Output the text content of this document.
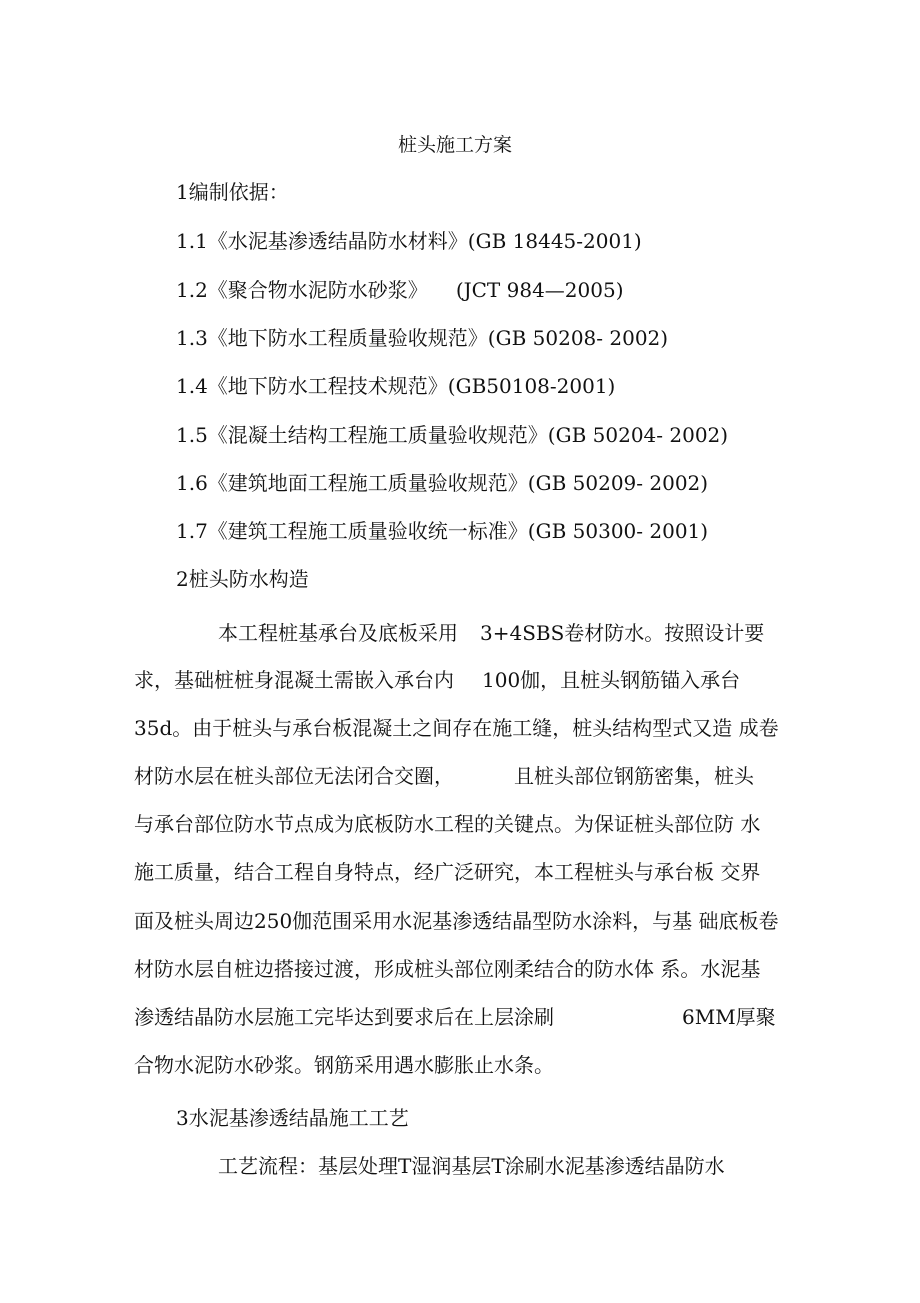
桩头施工方案
1编制依据：
1.1《水泥基渗透结晶防水材料》(GB 18445-2001)
1.2《聚合物水泥防水砂浆》 (JCT 984—2005)
1.3《地下防水工程质量验收规范》(GB 50208- 2002)
1.4《地下防水工程技术规范》(GB50108-2001)
1.5《混凝土结构工程施工质量验收规范》(GB 50204- 2002)
1.6《建筑地面工程施工质量验收规范》(GB 50209- 2002)
1.7《建筑工程施工质量验收统一标准》(GB 50300- 2001)
2桩头防水构造
本工程桩基承台及底板采用 3+4SBS卷材防水。按照设计要
求，基础桩桩身混凝土需嵌入承台内 100伽，且桩头钢筋锚入承台
35d。由于桩头与承台板混凝土之间存在施工缝，桩头结构型式又造 成卷
材防水层在桩头部位无法闭合交圈，	且桩头部位钢筋密集，桩头
与承台部位防水节点成为底板防水工程的关键点。为保证桩头部位防 水
施工质量，结合工程自身特点，经广泛研究，本工程桩头与承台板 交界
面及桩头周边250伽范围采用水泥基渗透结晶型防水涂料，与基 础底板卷
材防水层自桩边搭接过渡，形成桩头部位刚柔结合的防水体 系。水泥基
渗透结晶防水层施工完毕达到要求后在上层涂刷	6MM厚聚
合物水泥防水砂浆。钢筋采用遇水膨胀止水条。
3水泥基渗透结晶施工工艺
工艺流程：基层处理T湿润基层T涂刷水泥基渗透结晶防水
